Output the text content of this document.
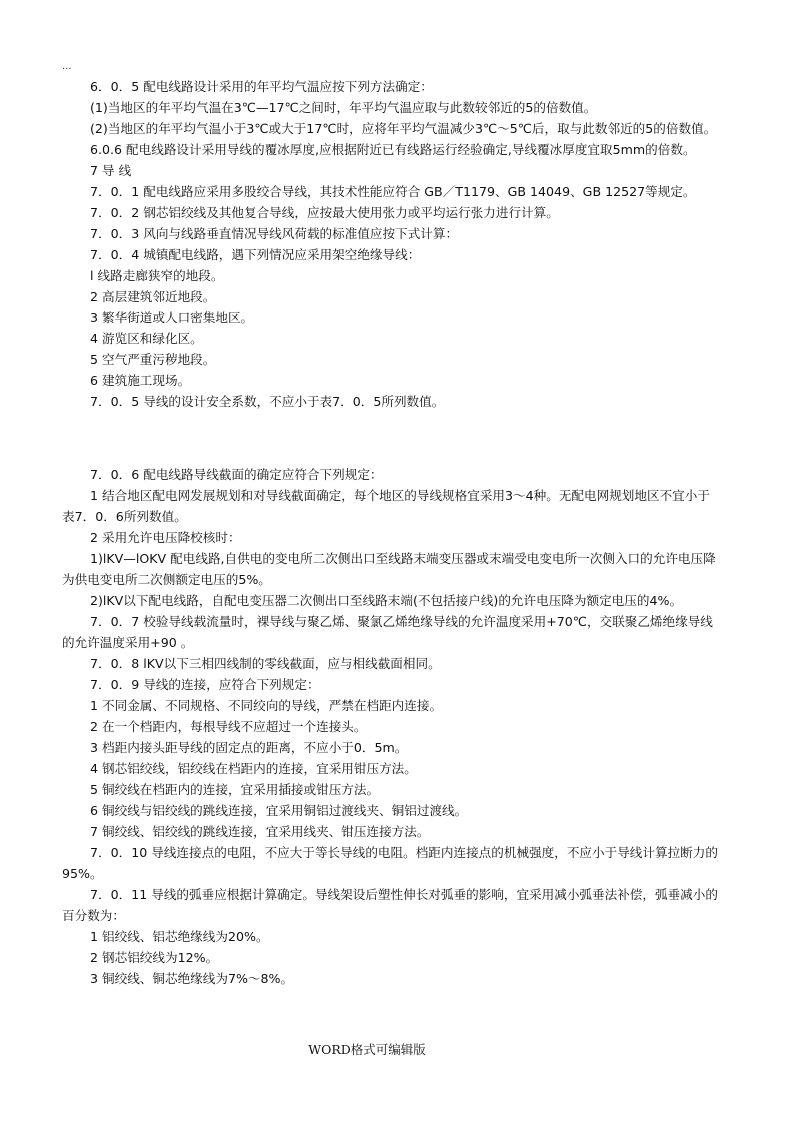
...

6．0．5 配电线路设计采用的年平均气温应按下列方法确定：

(1)当地区的年平均气温在3℃—17℃之间时，年平均气温应取与此数较邻近的5的倍数值。

(2)当地区的年平均气温小于3℃或大于17℃时，应将年平均气温减少3℃～5℃后，取与此数邻近的5的倍数值。

6.0.6 配电线路设计采用导线的覆冰厚度,应根据附近已有线路运行经验确定,导线覆冰厚度宜取5mm的倍数。

7 导 线

7．0．1 配电线路应采用多股绞合导线，其技术性能应符合 GB／T1179、GB 14049、GB 12527等规定。

7．0．2 钢芯铝绞线及其他复合导线，应按最大使用张力或平均运行张力进行计算。

7．0．3 风向与线路垂直情况导线风荷载的标准值应按下式计算：

7．0．4 城镇配电线路，遇下列情况应采用架空绝缘导线：

l 线路走廊狭窄的地段。

2 高层建筑邻近地段。

3 繁华街道或人口密集地区。

4 游览区和绿化区。

5 空气严重污秽地段。

6 建筑施工现场。

7．0．5 导线的设计安全系数，不应小于表7．0．5所列数值。

7．0．6 配电线路导线截面的确定应符合下列规定：

1 结合地区配电网发展规划和对导线截面确定，每个地区的导线规格宜采用3～4种。无配电网规划地区不宜小于表7．0．6所列数值。

2 采用允许电压降校核时：

1)lKV—lOKV 配电线路,自供电的变电所二次侧出口至线路末端变压器或末端受电变电所一次侧入口的允许电压降为供电变电所二次侧额定电压的5%。

2)lKV以下配电线路，自配电变压器二次侧出口至线路末端(不包括接户线)的允许电压降为额定电压的4%。

7．0．7 校验导线载流量时，裸导线与聚乙烯、聚氯乙烯绝缘导线的允许温度采用+70℃，交联聚乙烯绝缘导线的允许温度采用+90 。

7．0．8 lKV以下三相四线制的零线截面，应与相线截面相同。

7．0．9 导线的连接，应符合下列规定：

1 不同金属、不同规格、不同绞向的导线，严禁在档距内连接。

2 在一个档距内，每根导线不应超过一个连接头。

3 档距内接头距导线的固定点的距离，不应小于0．5m。

4 钢芯铝绞线，铝绞线在档距内的连接，宜采用钳压方法。

5 铜绞线在档距内的连接，宜采用插接或钳压方法。

6 铜绞线与铝绞线的跳线连接，宜采用铜铝过渡线夹、铜铝过渡线。

7 铜绞线、铝绞线的跳线连接，宜采用线夹、钳压连接方法。

7．0．10 导线连接点的电阻，不应大于等长导线的电阻。档距内连接点的机械强度，不应小于导线计算拉断力的95%。

7．0．11 导线的弧垂应根据计算确定。导线架设后塑性伸长对弧垂的影响，宜采用减小弧垂法补偿，弧垂减小的百分数为：

1 铝绞线、铝芯绝缘线为20%。

2 钢芯铝绞线为12%。

3 铜绞线、铜芯绝缘线为7%～8%。

WORD格式可编辑版
